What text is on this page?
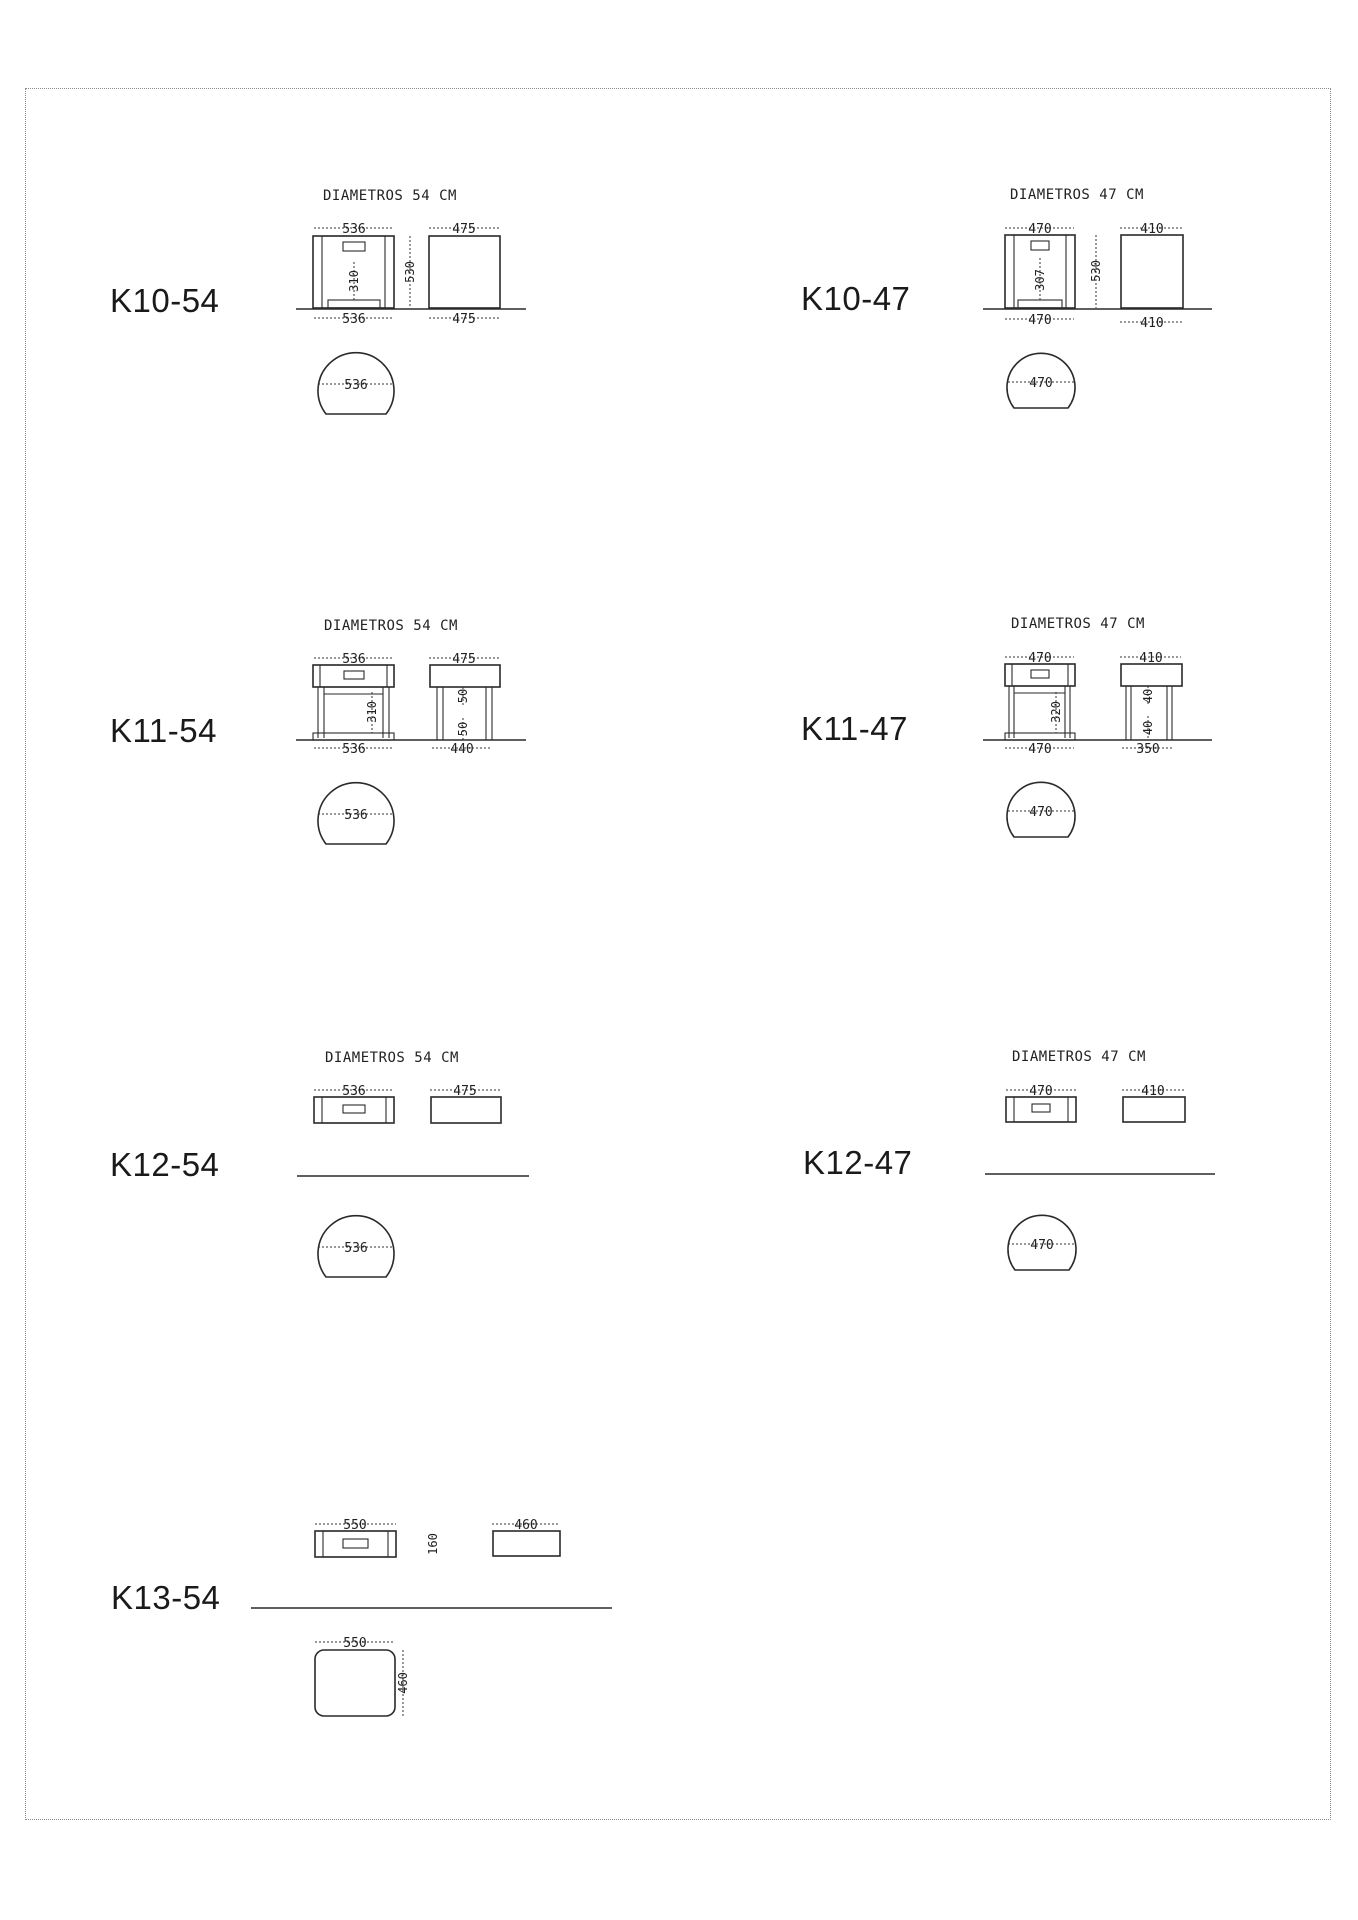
K10-54	K10-47
K11-54	K11-47
K12-54	K12-47
K13-54
DIAMETROS 54 CM
536
310
536
530
475
475
536
DIAMETROS 47 CM
470
307
470
530
410
410
470
DIAMETROS 54 CM
536
310
536
475
50
50
440
536
DIAMETROS 47 CM
470
320
470
410
40
40
350
470
DIAMETROS 54 CM
536	475
536
DIAMETROS 47 CM
470	410
470
550
160
460
550
460
